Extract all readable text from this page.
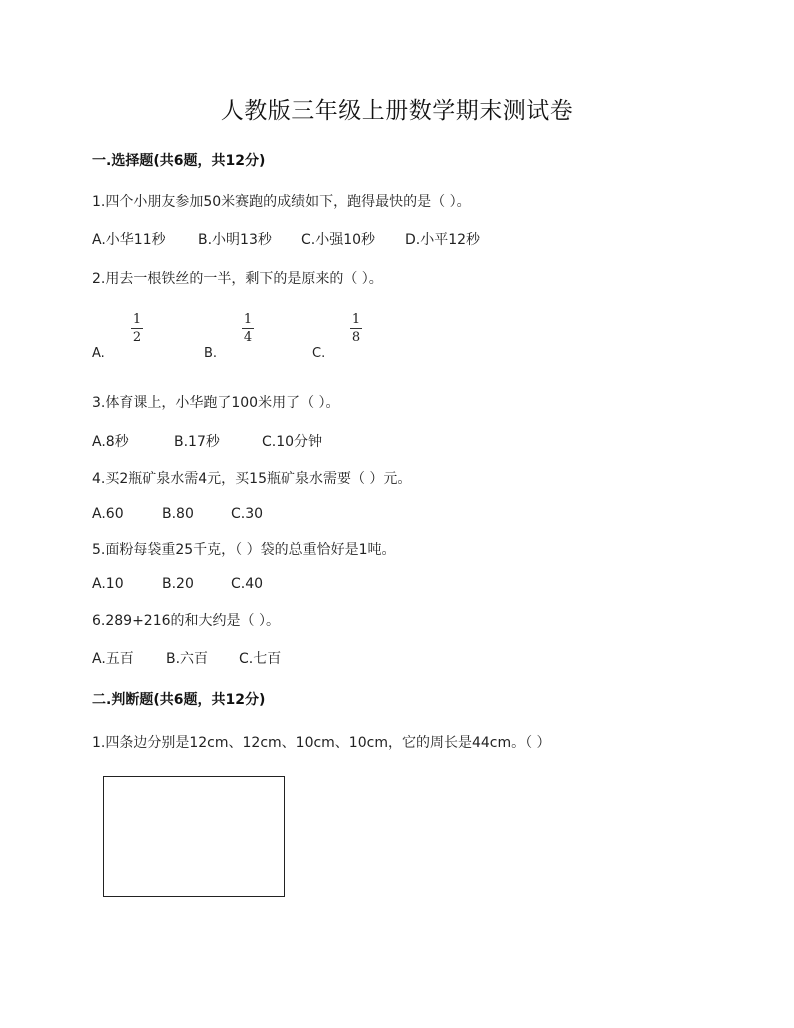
人教版三年级上册数学期末测试卷
一.选择题(共6题，共12分)
1.四个小朋友参加50米赛跑的成绩如下，跑得最快的是（ ）。
A.小华11秒	B.小明13秒	C.小强10秒	D.小平12秒
2.用去一根铁丝的一半，剩下的是原来的（ ）。
A.
1
2
B.
1
4
C.
1
8
3.体育课上，小华跑了100米用了（ ）。
A.8秒	B.17秒	C.10分钟
4.买2瓶矿泉水需4元，买15瓶矿泉水需要（ ）元。
A.60	B.80	C.30
5.面粉每袋重25千克，（ ）袋的总重恰好是1吨。
A.10	B.20	C.40
6.289+216的和大约是（ ）。
A.五百	B.六百	C.七百
二.判断题(共6题，共12分)
1.四条边分别是12cm、12cm、10cm、10cm，它的周长是44cm。（ ）
